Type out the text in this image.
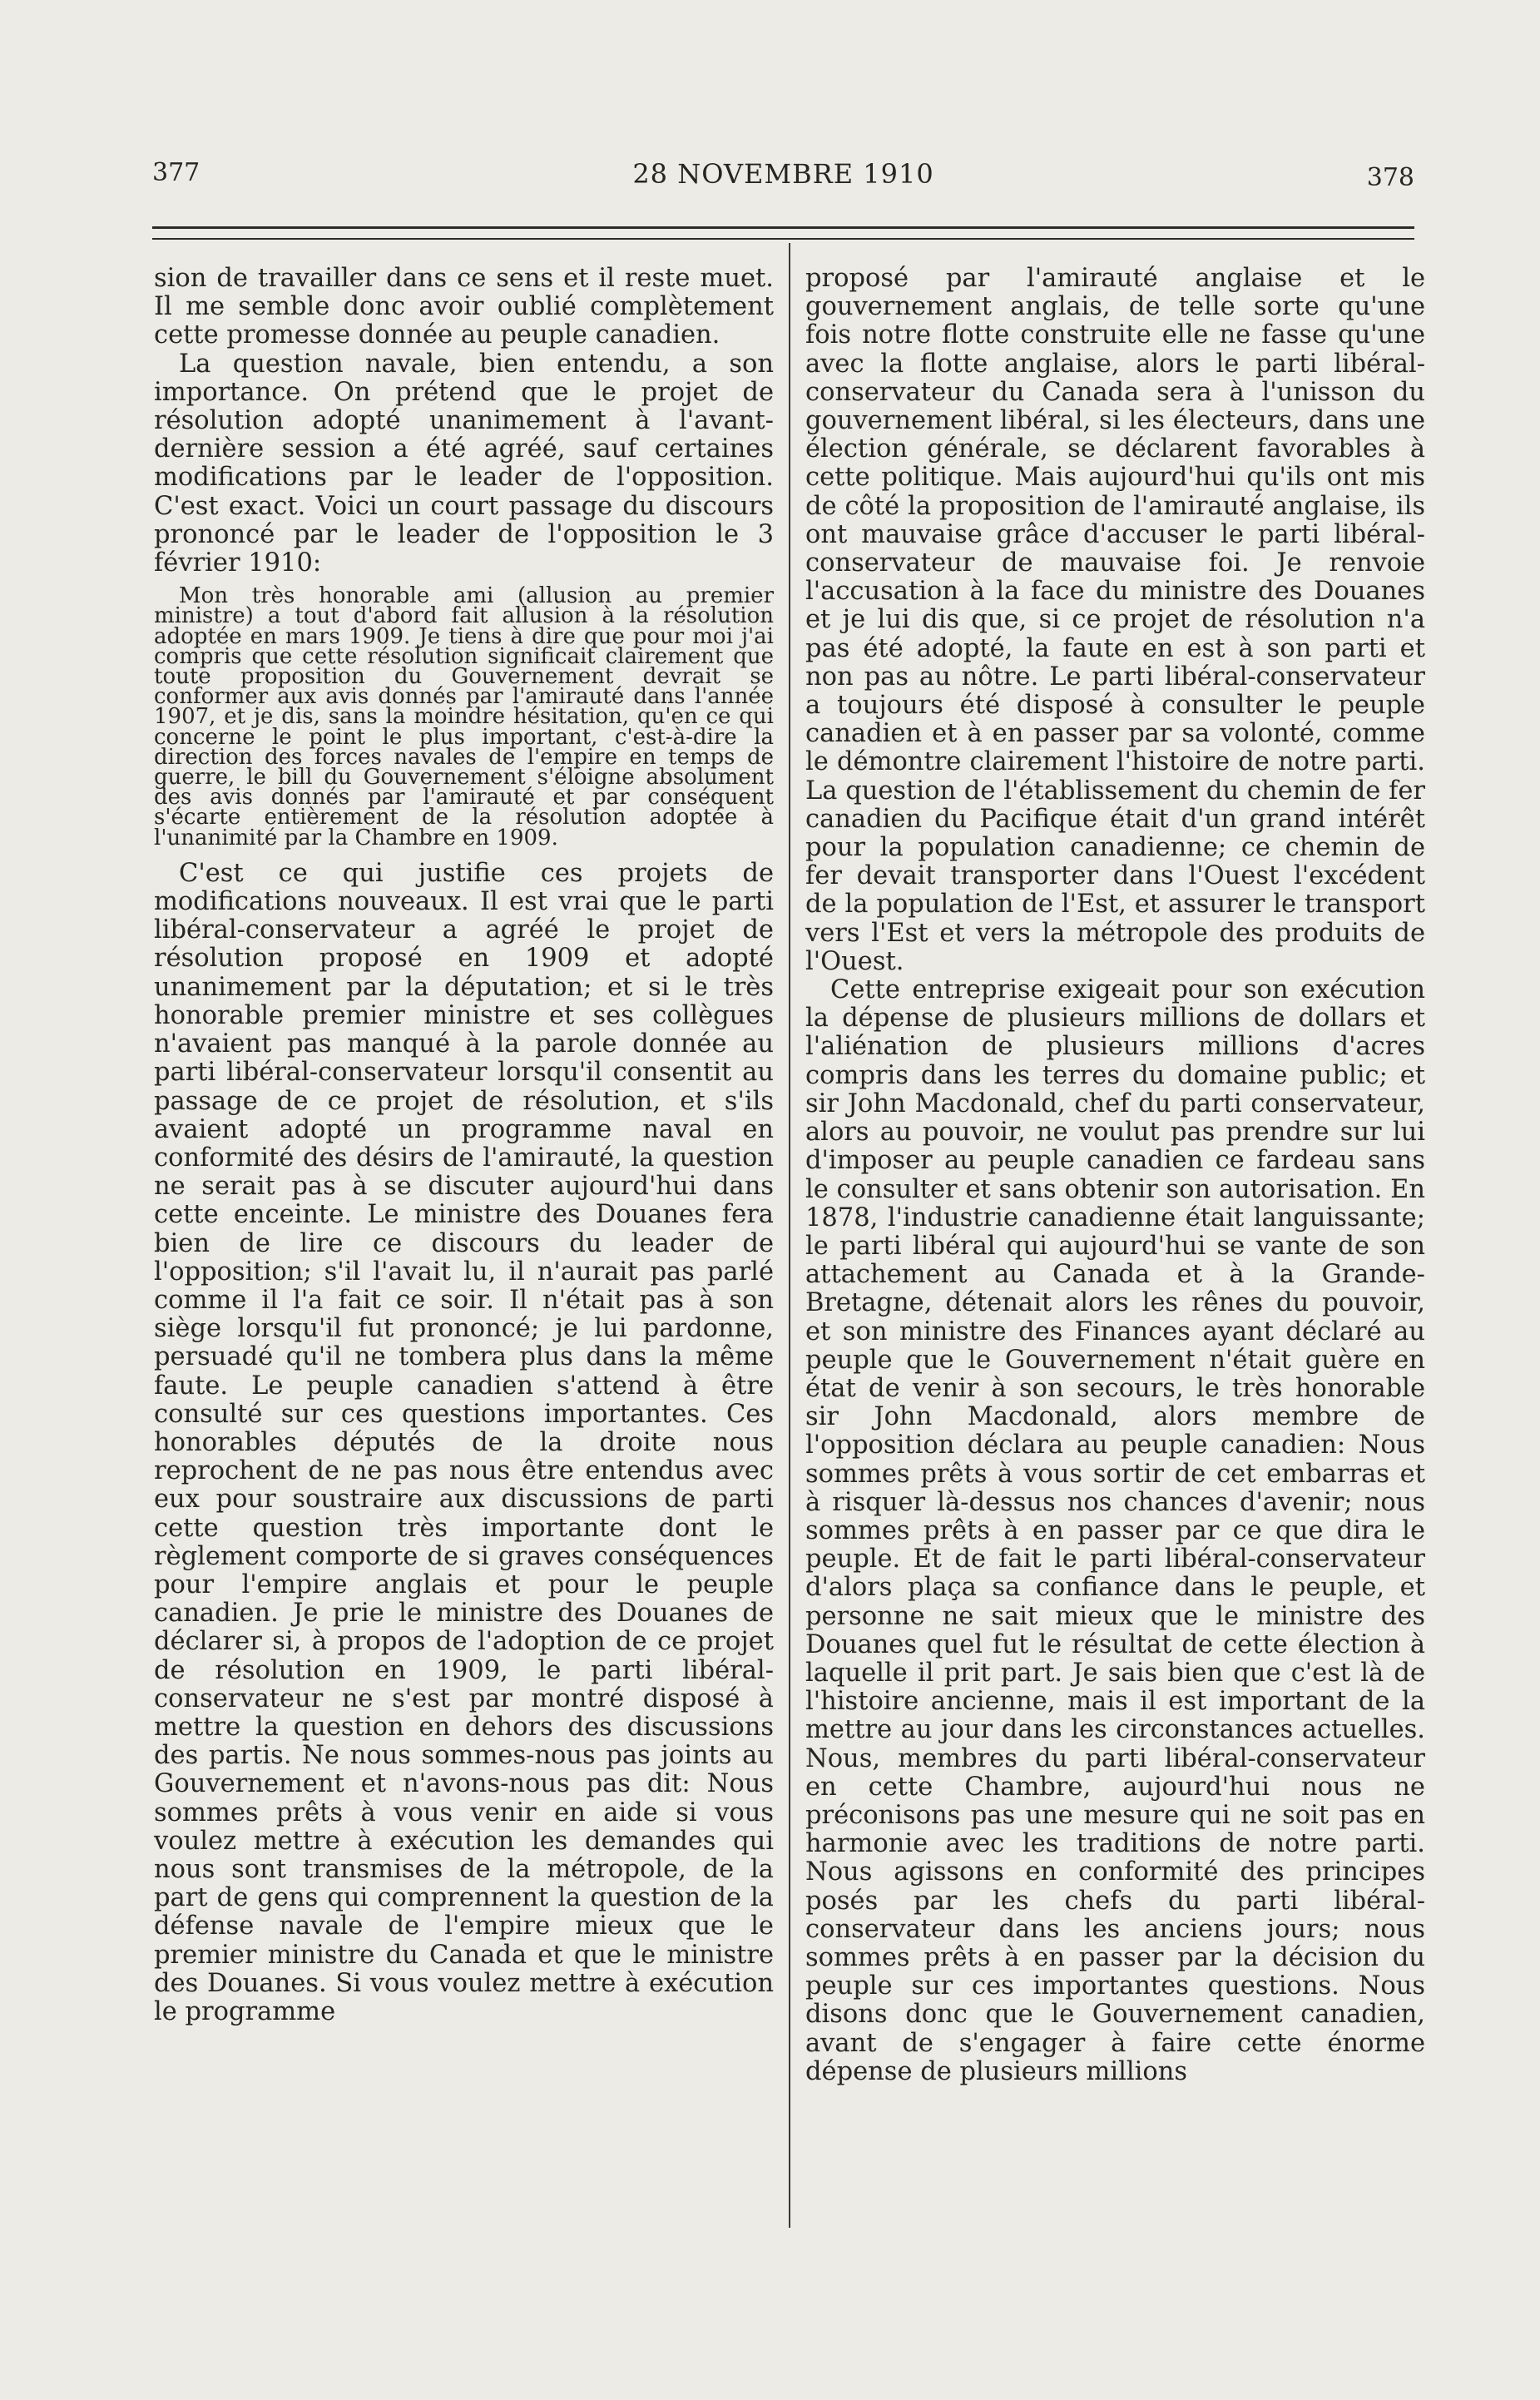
377	28 NOVEMBRE 1910	378

sion de travailler dans ce sens et il reste muet. Il me semble donc avoir oublié complètement cette promesse donnée au peuple canadien.

La question navale, bien entendu, a son importance. On prétend que le projet de résolution adopté unanimement à l'avant-dernière session a été agréé, sauf certaines modifications par le leader de l'opposition. C'est exact. Voici un court passage du discours prononcé par le leader de l'opposition le 3 février 1910:

Mon très honorable ami (allusion au premier ministre) a tout d'abord fait allusion à la résolution adoptée en mars 1909. Je tiens à dire que pour moi j'ai compris que cette résolution significait clairement que toute proposition du Gouvernement devrait se conformer aux avis donnés par l'amirauté dans l'année 1907, et je dis, sans la moindre hésitation, qu'en ce qui concerne le point le plus important, c'est-à-dire la direction des forces navales de l'empire en temps de guerre, le bill du Gouvernement s'éloigne absolument des avis donnés par l'amirauté et par conséquent s'écarte entièrement de la résolution adoptée à l'unanimité par la Chambre en 1909.

C'est ce qui justifie ces projets de modifications nouveaux. Il est vrai que le parti libéral-conservateur a agréé le projet de résolution proposé en 1909 et adopté unanimement par la députation; et si le très honorable premier ministre et ses collègues n'avaient pas manqué à la parole donnée au parti libéral-conservateur lorsqu'il consentit au passage de ce projet de résolution, et s'ils avaient adopté un programme naval en conformité des désirs de l'amirauté, la question ne serait pas à se discuter aujourd'hui dans cette enceinte. Le ministre des Douanes fera bien de lire ce discours du leader de l'opposition; s'il l'avait lu, il n'aurait pas parlé comme il l'a fait ce soir. Il n'était pas à son siège lorsqu'il fut prononcé; je lui pardonne, persuadé qu'il ne tombera plus dans la même faute. Le peuple canadien s'attend à être consulté sur ces questions importantes. Ces honorables députés de la droite nous reprochent de ne pas nous être entendus avec eux pour soustraire aux discussions de parti cette question très importante dont le règlement comporte de si graves conséquences pour l'empire anglais et pour le peuple canadien. Je prie le ministre des Douanes de déclarer si, à propos de l'adoption de ce projet de résolution en 1909, le parti libéral-conservateur ne s'est par montré disposé à mettre la question en dehors des discussions des partis. Ne nous sommes-nous pas joints au Gouvernement et n'avons-nous pas dit: Nous sommes prêts à vous venir en aide si vous voulez mettre à exécution les demandes qui nous sont transmises de la métropole, de la part de gens qui comprennent la question de la défense navale de l'empire mieux que le premier ministre du Canada et que le ministre des Douanes. Si vous voulez mettre à exécution le programme

proposé par l'amirauté anglaise et le gouvernement anglais, de telle sorte qu'une fois notre flotte construite elle ne fasse qu'une avec la flotte anglaise, alors le parti libéral-conservateur du Canada sera à l'unisson du gouvernement libéral, si les électeurs, dans une élection générale, se déclarent favorables à cette politique. Mais aujourd'hui qu'ils ont mis de côté la proposition de l'amirauté anglaise, ils ont mauvaise grâce d'accuser le parti libéral-conservateur de mauvaise foi. Je renvoie l'accusation à la face du ministre des Douanes et je lui dis que, si ce projet de résolution n'a pas été adopté, la faute en est à son parti et non pas au nôtre. Le parti libéral-conservateur a toujours été disposé à consulter le peuple canadien et à en passer par sa volonté, comme le démontre clairement l'histoire de notre parti. La question de l'établissement du chemin de fer canadien du Pacifique était d'un grand intérêt pour la population canadienne; ce chemin de fer devait transporter dans l'Ouest l'excédent de la population de l'Est, et assurer le transport vers l'Est et vers la métropole des produits de l'Ouest.

Cette entreprise exigeait pour son exécution la dépense de plusieurs millions de dollars et l'aliénation de plusieurs millions d'acres compris dans les terres du domaine public; et sir John Macdonald, chef du parti conservateur, alors au pouvoir, ne voulut pas prendre sur lui d'imposer au peuple canadien ce fardeau sans le consulter et sans obtenir son autorisation. En 1878, l'industrie canadienne était languissante; le parti libéral qui aujourd'hui se vante de son attachement au Canada et à la Grande-Bretagne, détenait alors les rênes du pouvoir, et son ministre des Finances ayant déclaré au peuple que le Gouvernement n'était guère en état de venir à son secours, le très honorable sir John Macdonald, alors membre de l'opposition déclara au peuple canadien: Nous sommes prêts à vous sortir de cet embarras et à risquer là-dessus nos chances d'avenir; nous sommes prêts à en passer par ce que dira le peuple. Et de fait le parti libéral-conservateur d'alors plaça sa confiance dans le peuple, et personne ne sait mieux que le ministre des Douanes quel fut le résultat de cette élection à laquelle il prit part. Je sais bien que c'est là de l'histoire ancienne, mais il est important de la mettre au jour dans les circonstances actuelles. Nous, membres du parti libéral-conservateur en cette Chambre, aujourd'hui nous ne préconisons pas une mesure qui ne soit pas en harmonie avec les traditions de notre parti. Nous agissons en conformité des principes posés par les chefs du parti libéral-conservateur dans les anciens jours; nous sommes prêts à en passer par la décision du peuple sur ces importantes questions. Nous disons donc que le Gouvernement canadien, avant de s'engager à faire cette énorme dépense de plusieurs millions
